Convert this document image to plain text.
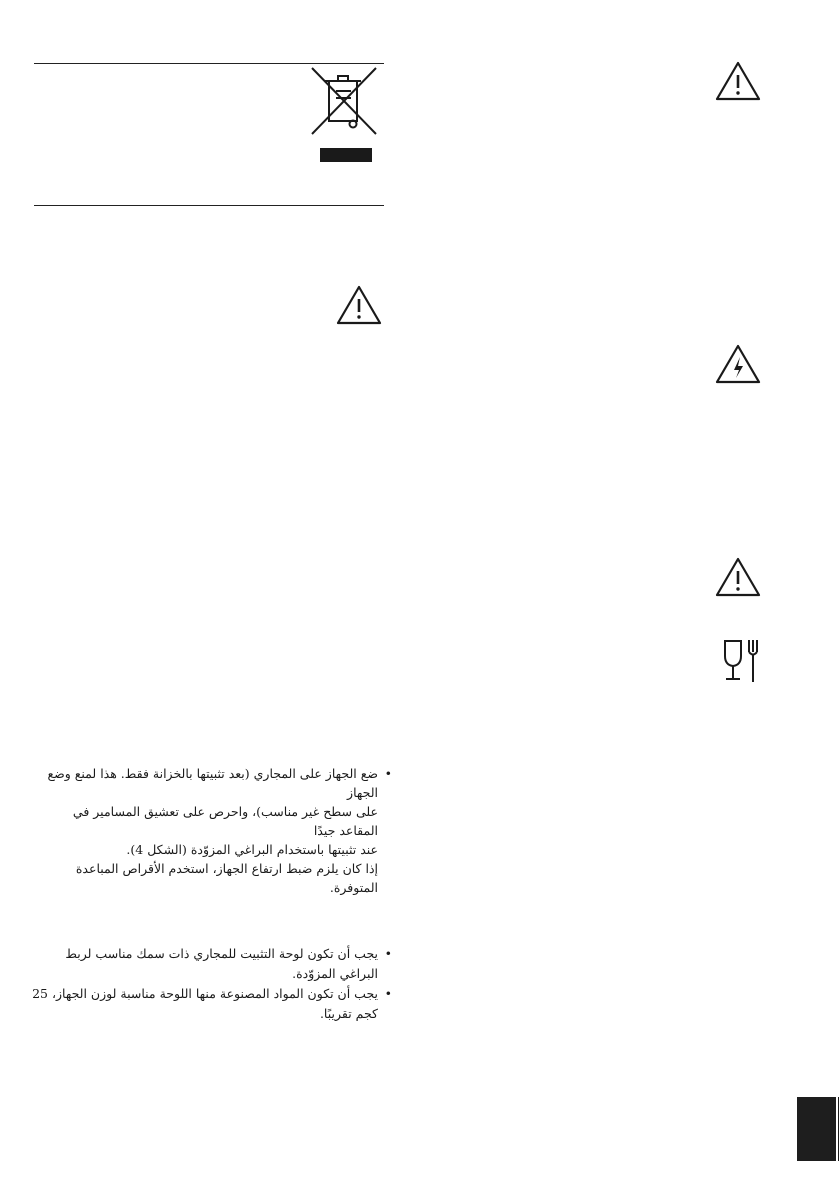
•
ضع الجهاز على المجاري (بعد تثبيتها بالخزانة فقط. هذا لمنع وضع الجهاز
على سطح غير مناسب)، واحرص على تعشيق المسامير في المقاعد جيدًا
عند تثبيتها باستخدام البراغي المزوّدة (الشكل 4).
إذا كان يلزم ضبط ارتفاع الجهاز، استخدم الأقراص المباعدة المتوفرة.
•
يجب أن تكون لوحة التثبيت للمجاري ذات سمك مناسب لربط البراغي المزوّدة.
•
يجب أن تكون المواد المصنوعة منها اللوحة مناسبة لوزن الجهاز، 25 كجم تقريبًا.
